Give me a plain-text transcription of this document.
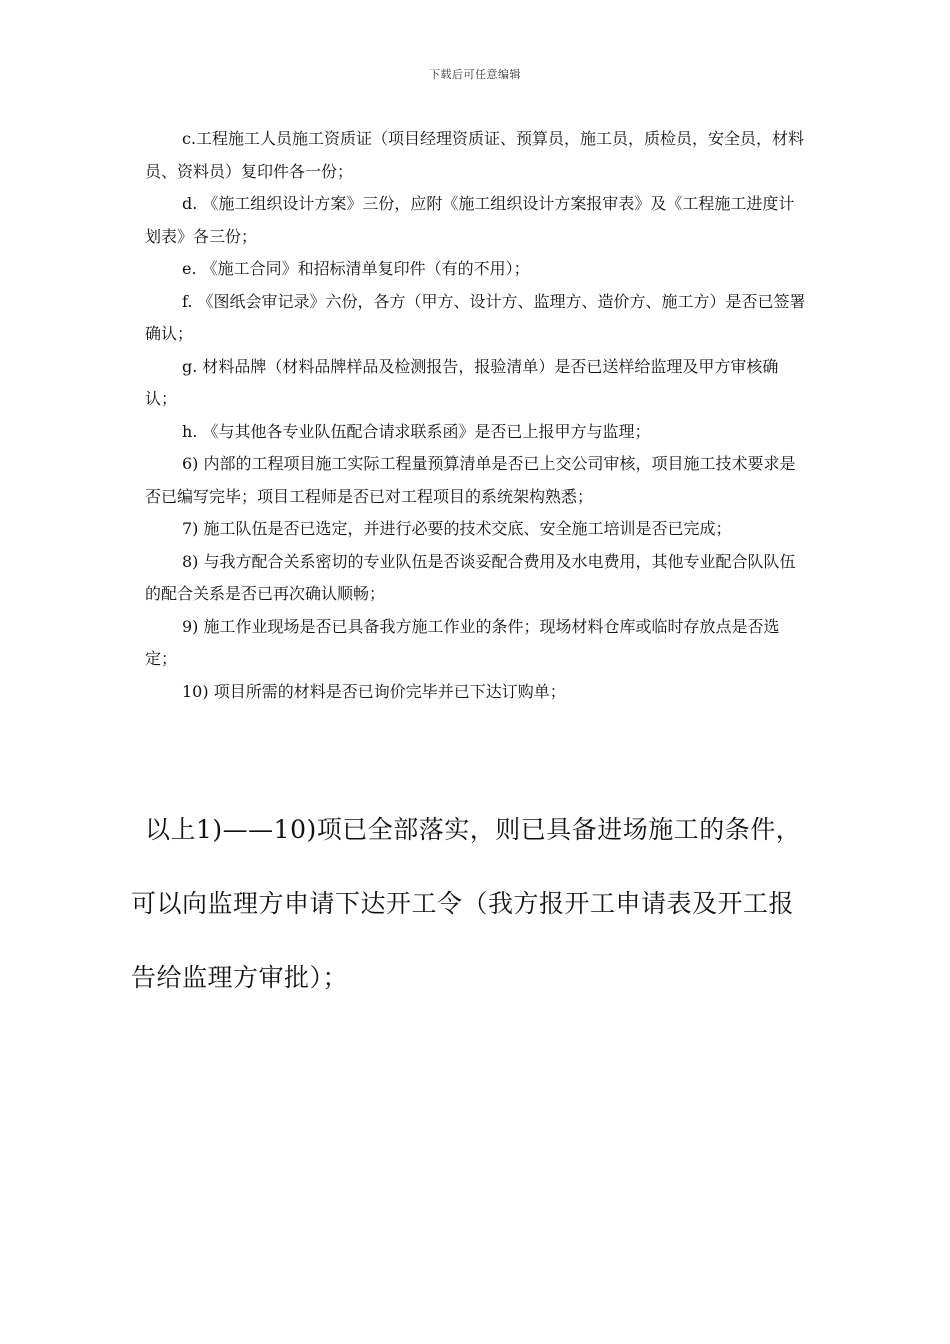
下载后可任意编辑

c.工程施工人员施工资质证（项目经理资质证、预算员，施工员，质检员，安全员，材料员、资料员）复印件各一份；

d. 《施工组织设计方案》三份，应附《施工组织设计方案报审表》及《工程施工进度计划表》各三份；

e. 《施工合同》和招标清单复印件（有的不用）；

f. 《图纸会审记录》六份，各方（甲方、设计方、监理方、造价方、施工方）是否已签署确认；

g. 材料品牌（材料品牌样品及检测报告，报验清单）是否已送样给监理及甲方审核确认；

h. 《与其他各专业队伍配合请求联系函》是否已上报甲方与监理；

6) 内部的工程项目施工实际工程量预算清单是否已上交公司审核，项目施工技术要求是否已编写完毕；项目工程师是否已对工程项目的系统架构熟悉；

7) 施工队伍是否已选定，并进行必要的技术交底、安全施工培训是否已完成；

8) 与我方配合关系密切的专业队伍是否谈妥配合费用及水电费用，其他专业配合队队伍的配合关系是否已再次确认顺畅；

9) 施工作业现场是否已具备我方施工作业的条件；现场材料仓库或临时存放点是否选定；

10) 项目所需的材料是否已询价完毕并已下达订购单；

以上1)——10)项已全部落实，则已具备进场施工的条件，

可以向监理方申请下达开工令（我方报开工申请表及开工报

告给监理方审批）；
